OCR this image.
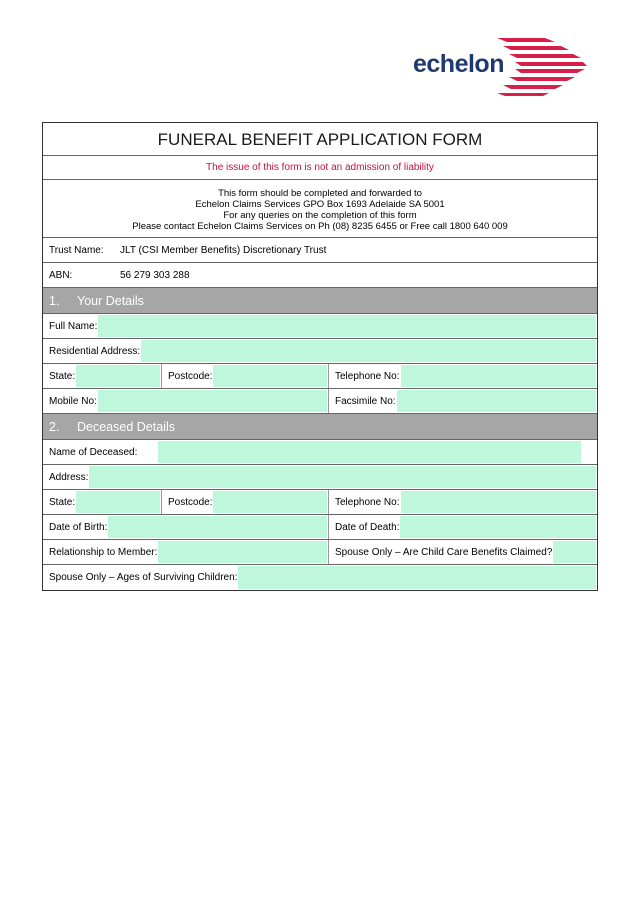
echelon
FUNERAL BENEFIT APPLICATION FORM
The issue of this form is not an admission of liability
This form should be completed and forwarded to
Echelon Claims Services GPO Box 1693 Adelaide SA 5001
For any queries on the completion of this form
Please contact Echelon Claims Services on Ph (08) 8235 6455 or Free call 1800 640 009
Trust Name: JLT (CSI Member Benefits) Discretionary Trust
ABN:	56 279 303 288
1. Your Details
Full Name:
Residential Address:
State:	Postcode:	Telephone No:
Mobile No:	Facsimile No:
2. Deceased Details
Name of Deceased:
Address:
State:	Postcode:	Telephone No:
Date of Birth:	Date of Death:
Relationship to Member:	Spouse Only – Are Child Care Benefits Claimed?
Spouse Only – Ages of Surviving Children:
